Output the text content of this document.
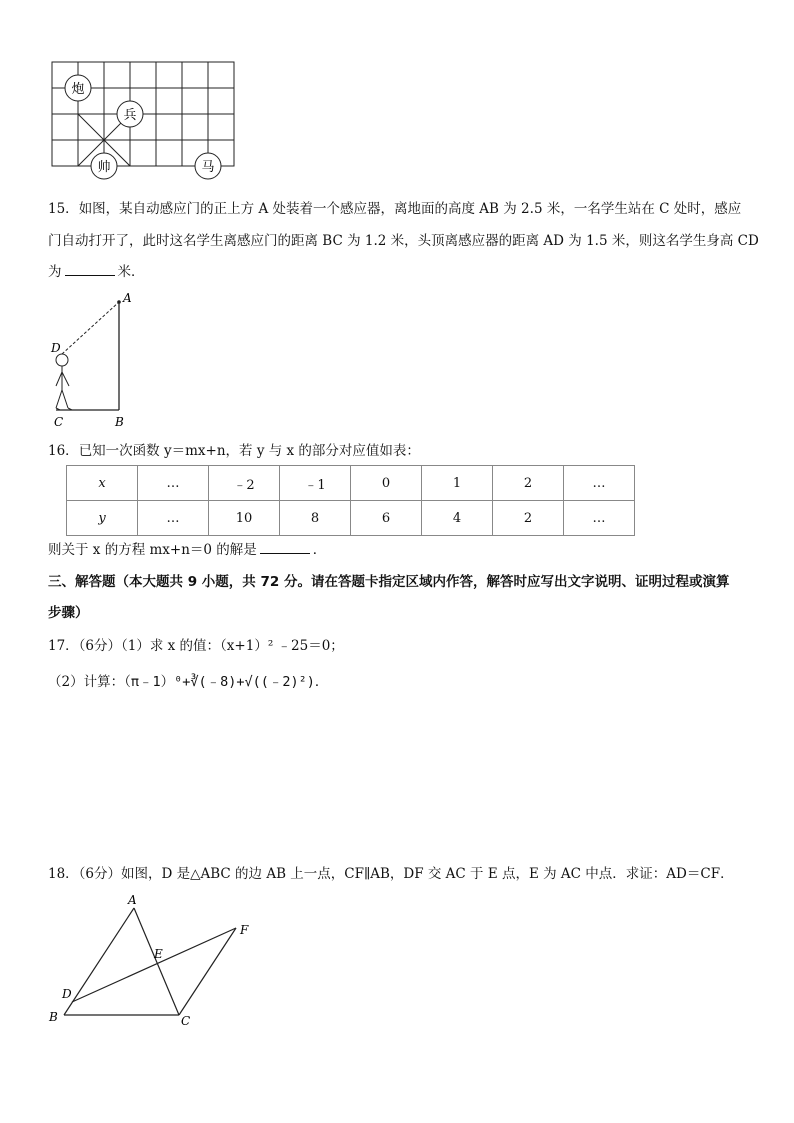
炮
兵
帅	马
15．如图，某自动感应门的正上方 A 处装着一个感应器，离地面的高度 AB 为 2.5 米，一名学生站在 C 处时，感应
门自动打开了，此时这名学生离感应门的距离 BC 为 1.2 米，头顶离感应器的距离 AD 为 1.5 米，则这名学生身高 CD
为	米．
A
D
B
C
16．已知一次函数 y＝mx+n，若 y 与 x 的部分对应值如表：
x	…	﹣2	﹣1	0	1	2	…
y	…	10	8	6	4	2	…
则关于 x 的方程 mx+n＝0 的解是	．
三、解答题（本大题共 9 小题，共 72 分。请在答题卡指定区域内作答，解答时应写出文字说明、证明过程或演算
步骤）
17．（6分）（1）求 x 的值：（x+1）² ﹣25＝0；
（2）计算：（π﹣1）⁰+∛(﹣8)+√((﹣2)²)．
18．（6分）如图，D 是△ABC 的边 AB 上一点，CF∥AB，DF 交 AC 于 E 点，E 为 AC 中点．求证：AD＝CF．
A
B	C
D
E
F
